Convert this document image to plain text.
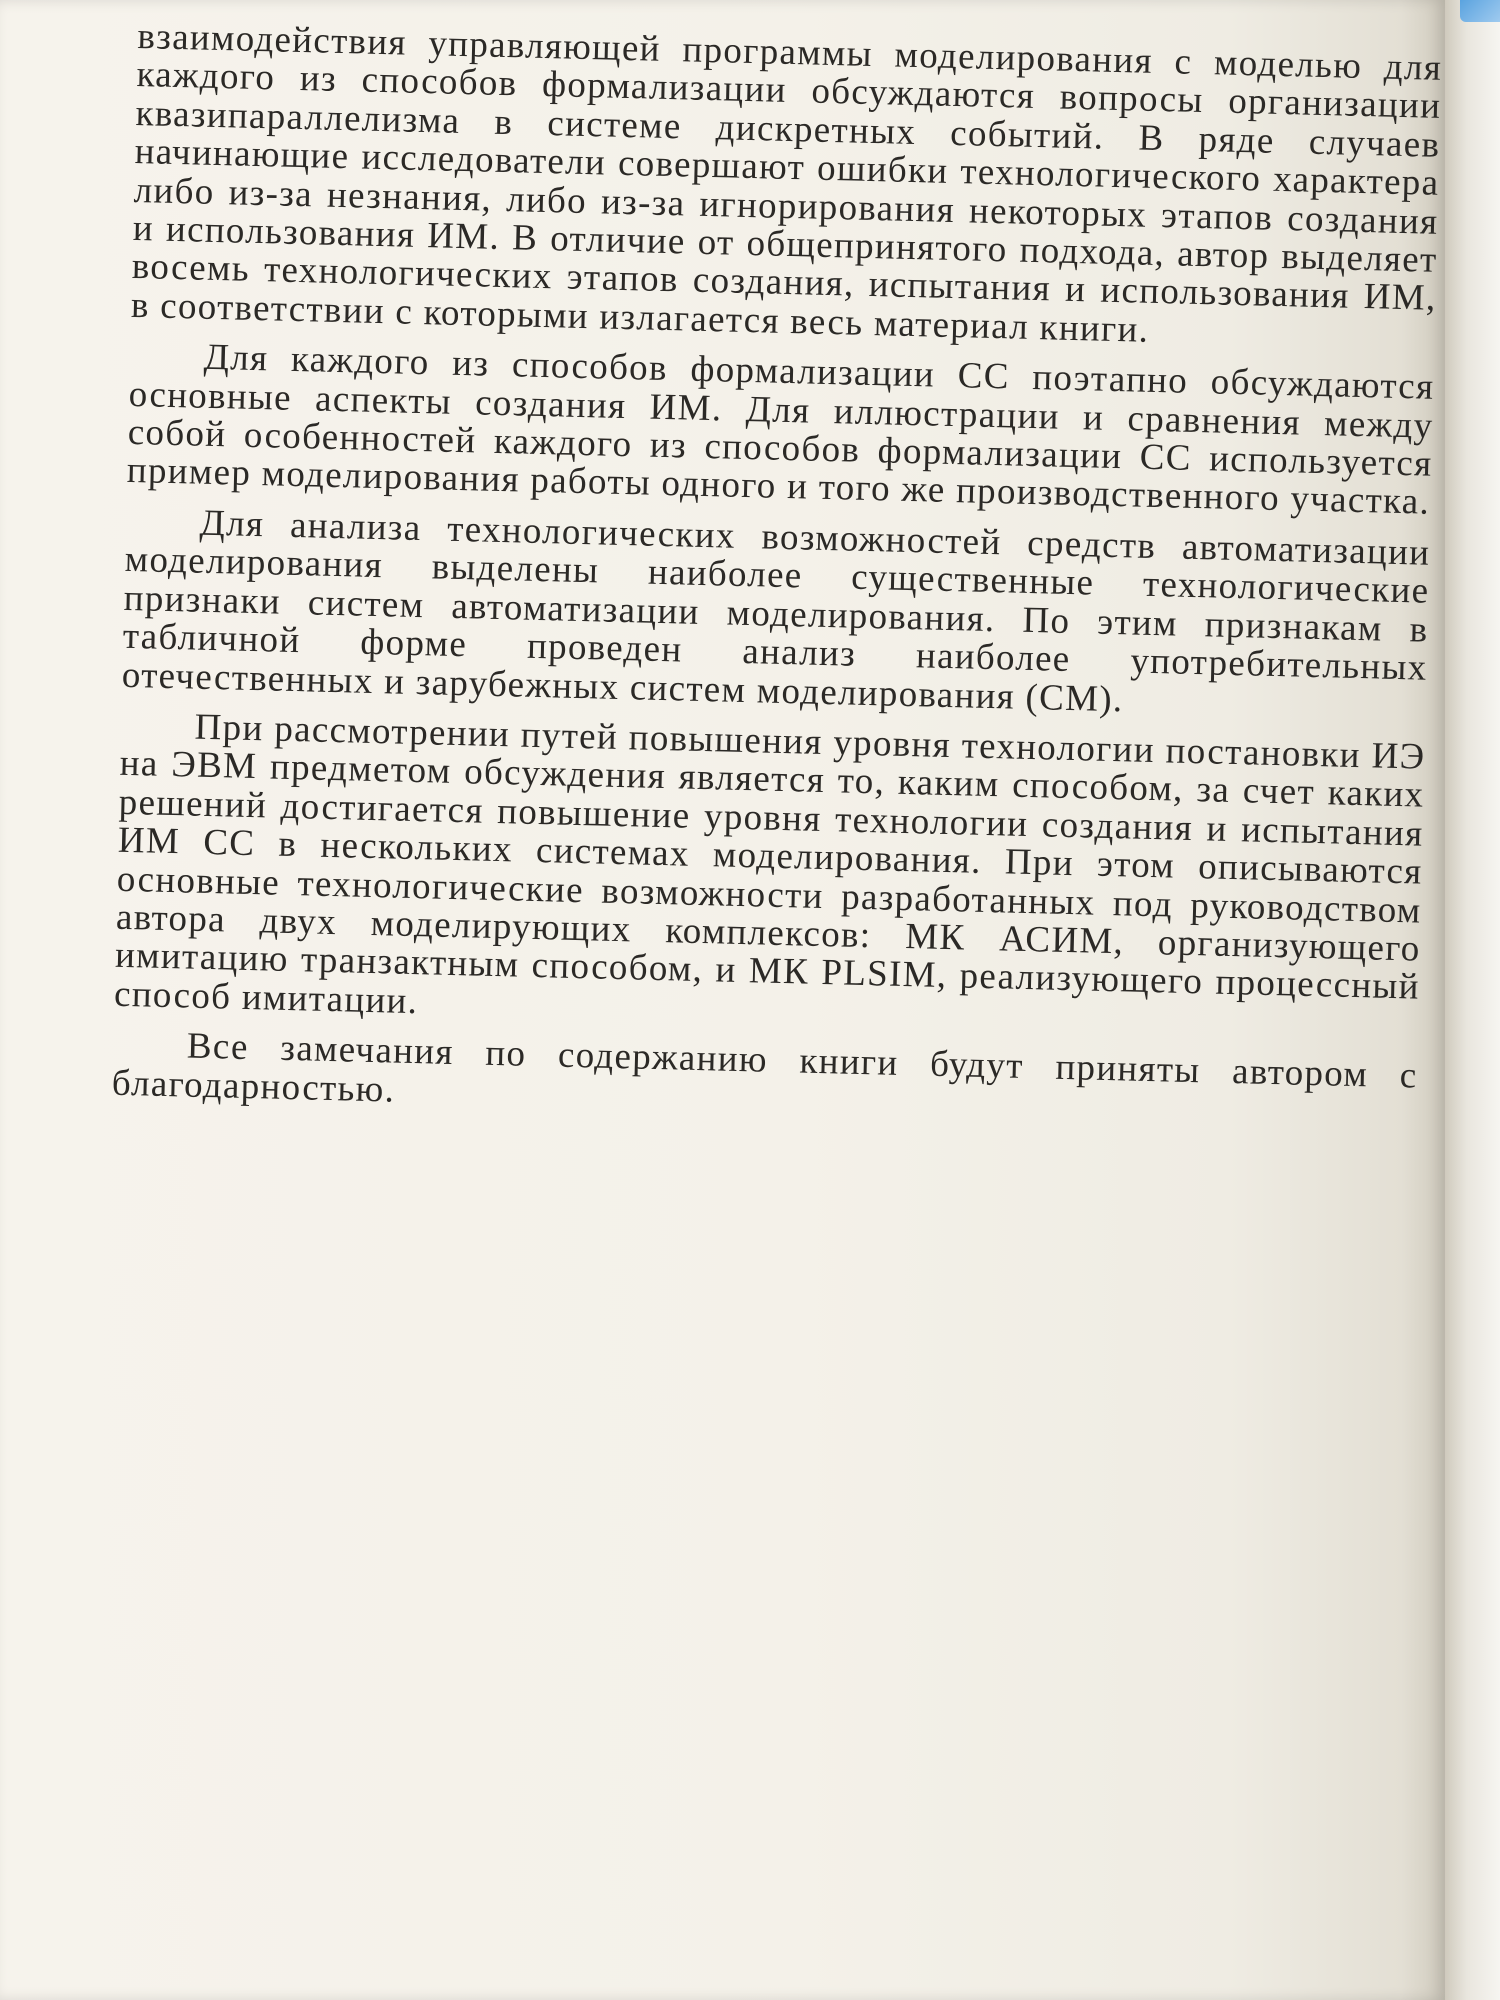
взаимодействия управляющей программы моделирования с моделью для каждого из способов формализации обсуждаются вопросы организации квазипараллелизма в системе дискретных событий. В ряде случаев начинающие исследователи совершают ошибки технологического характера либо из-за незнания, либо из-за игнорирования некоторых этапов создания и использования ИМ. В отличие от общепринятого подхода, автор выделяет восемь технологических этапов создания, испытания и использования ИМ, в соответствии с которыми излагается весь материал книги.

Для каждого из способов формализации СС поэтапно обсуждаются основные аспекты создания ИМ. Для иллюстрации и сравнения между собой особенностей каждого из способов формализации СС используется пример моделирования работы одного и того же производственного участка.

Для анализа технологических возможностей средств автоматизации моделирования выделены наиболее существенные технологические признаки систем автоматизации моделирования. По этим признакам в табличной форме проведен анализ наиболее употребительных отечественных и зарубежных систем моделирования (СМ).

При рассмотрении путей повышения уровня технологии постановки ИЭ на ЭВМ предметом обсуждения является то, каким способом, за счет каких решений достигается повышение уровня технологии создания и испытания ИМ СС в нескольких системах моделирования. При этом описываются основные технологические возможности разработанных под руководством автора двух моделирующих комплексов: МК АСИМ, организующего имитацию транзактным способом, и МК PLSIM, реализующего процессный способ имитации.

Все замечания по содержанию книги будут приняты автором с благодарностью.
